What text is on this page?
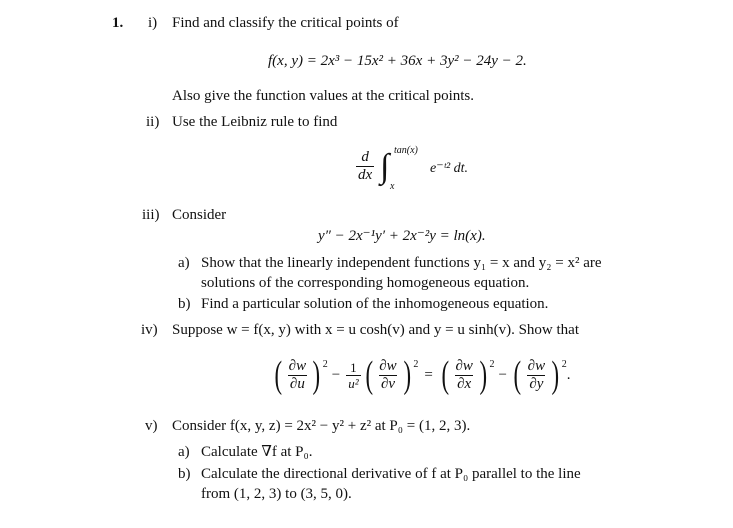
1. i) Find and classify the critical points of
f(x, y) = 2x³ − 15x² + 36x + 3y² − 24y − 2.
Also give the function values at the critical points.
ii) Use the Leibniz rule to find
$\frac{d}{dx}$ ∫ tan(x)
x
e⁻ᵗ² dt.
iii) Consider
y″ − 2x⁻¹y′ + 2x⁻²y = ln(x).
a) Show that the linearly independent functions y₁ = x and y₂ = x² are
solutions of the corresponding homogeneous equation.
b) Find a particular solution of the inhomogeneous equation.
iv) Suppose w = f(x, y) with x = u cosh(v) and y = u sinh(v). Show that
( $\frac{\partial w}{\partial u}$ ) 2
− $\frac{1}{\text{u²}}$ ( $\frac{\partial w}{\partial v}$ ) 2
= ( $\frac{\partial w}{\partial x}$ ) 2
− ( $\frac{\partial w}{\partial y}$ ) 2
.
v) Consider f(x, y, z) = 2x² − y² + z² at P₀ = (1, 2, 3).
a) Calculate ∇f at P₀.
b) Calculate the directional derivative of f at P₀ parallel to the line
from (1, 2, 3) to (3, 5, 0).
